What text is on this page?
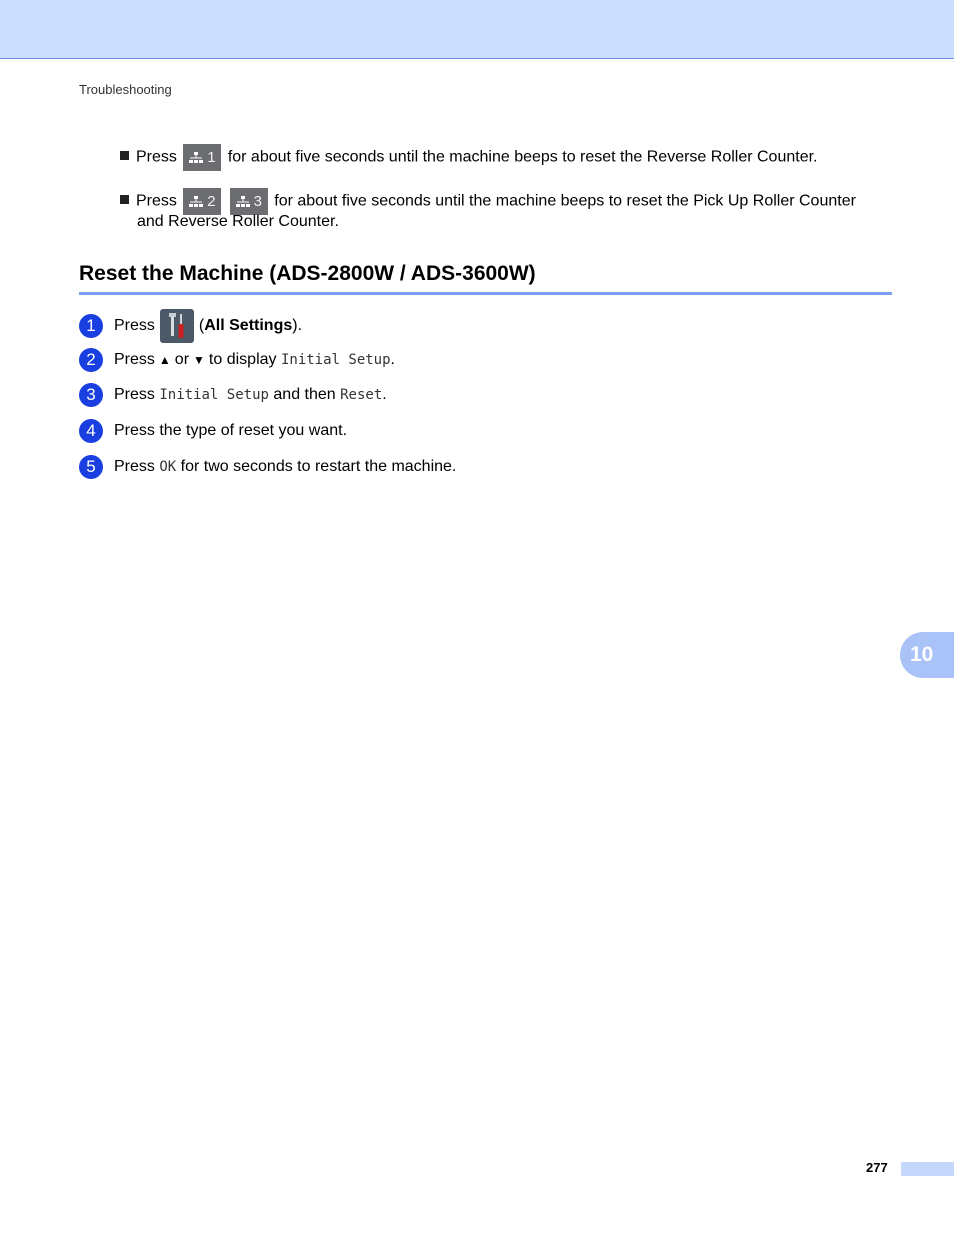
Troubleshooting
Press 1 for about five seconds until the machine beeps to reset the Reverse Roller Counter.
Press 2
	3 for about five seconds until the machine beeps to reset the Pick Up Roller Counter
and Reverse Roller Counter.
Reset the Machine (ADS-2800W / ADS-3600W)
1	Press	( All Settings ).
2	Press ▲ or ▼ to display
Initial Setup .
3	Press
Initial Setup
and then
Reset .
4	Press the type of reset you want.
5	Press
OK
for two seconds to restart the machine.
10
277
